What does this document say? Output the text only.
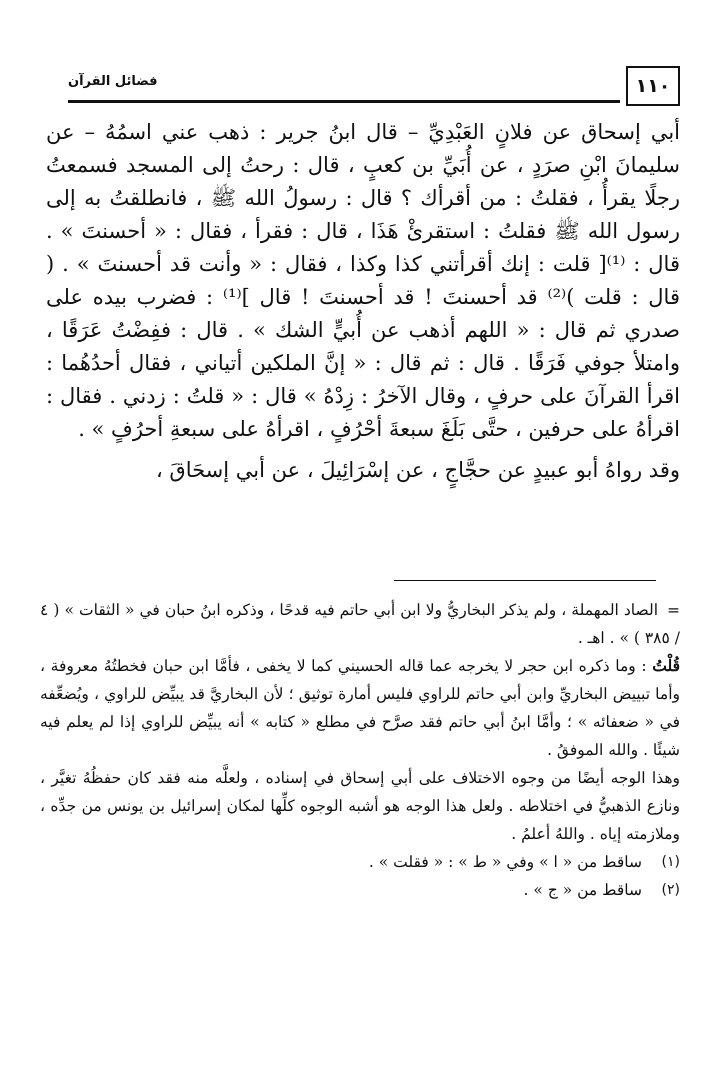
١١٠
فضائل القرآن

أبي إسحاق عن فلانٍ العَبْدِيِّ – قال ابنُ جرير : ذهب عني اسمُهُ – عن سليمانَ ابْنِ صرَدٍ ، عن أُبَيِّ بن كعبٍ ، قال : رحتُ إلى المسجد فسمعتُ رجلًا يقرأُ ، فقلتُ : من أقرأك ؟ قال : رسولُ الله ﷺ ، فانطلقتُ به إلى رسول الله ﷺ فقلتُ : استقرئْ هَذَا ، قال : فقرأ ، فقال : « أحسنتَ » . قال : ⁽¹⁾[ قلت : إنك أقرأتني كذا وكذا ، فقال : « وأنت قد أحسنتَ » . ( قال : قلت )⁽²⁾ قد أحسنتَ ! قد أحسنتَ ! قال ]⁽¹⁾ : فضرب بيده على صدري ثم قال : « اللهم أذهب عن أُبيٍّ الشك » . قال : ففِضْتُ عَرَقًا ، وامتلأ جوفي فَرَقًا . قال : ثم قال : « إنَّ الملكين أتياني ، فقال أحدُهُما : اقرأ القرآنَ على حرفٍ ، وقال الآخرُ : زِدْهُ » قال : « قلتُ : زدني . فقال : اقرأهُ على حرفين ، حتَّى بَلَغَ سبعةَ أحْرُفٍ ، اقرأهُ على سبعةِ أحرُفٍ » .

وقد رواهُ أبو عبيدٍ عن حجَّاجٍ ، عن إسْرَائِيلَ ، عن أبي إسحَاقَ ،

=الصاد المهملة ، ولم يذكر البخاريُّ ولا ابن أبي حاتم فيه قدحًا ، وذكره ابنُ حبان في « الثقات » ( ٤ / ٣٨٥ ) » . اهـ .

قُلْتُ : وما ذكره ابن حجر لا يخرجه عما قاله الحسيني كما لا يخفى ، فأمَّا ابن حبان فخطتُهُ معروفة ، وأما تبييض البخاريِّ وابن أبي حاتم للراوي فليس أمارة توثيق ؛ لأن البخاريَّ قد يبيِّض للراوي ، ويُضعِّفه في « ضعفائه » ؛ وأمَّا ابنُ أبي حاتم فقد صرَّح في مطلع « كتابه » أنه يبيِّض للراوي إذا لم يعلم فيه شيئًا . والله الموفقُ .

وهذا الوجه أيضًا من وجوه الاختلاف على أبي إسحاق في إسناده ، ولعلَّه منه فقد كان حفظُهُ تغيَّر ، ونازع الذهبيُّ في اختلاطه . ولعل هذا الوجه هو أشبه الوجوه كلِّها لمكان إسرائيل بن يونس من جدِّه ، وملازمته إياه . واللهُ أعلمُ .

(١)
ساقط من « ا » وفي « ط » : « فقلت » .

(٢)
ساقط من « ج » .
